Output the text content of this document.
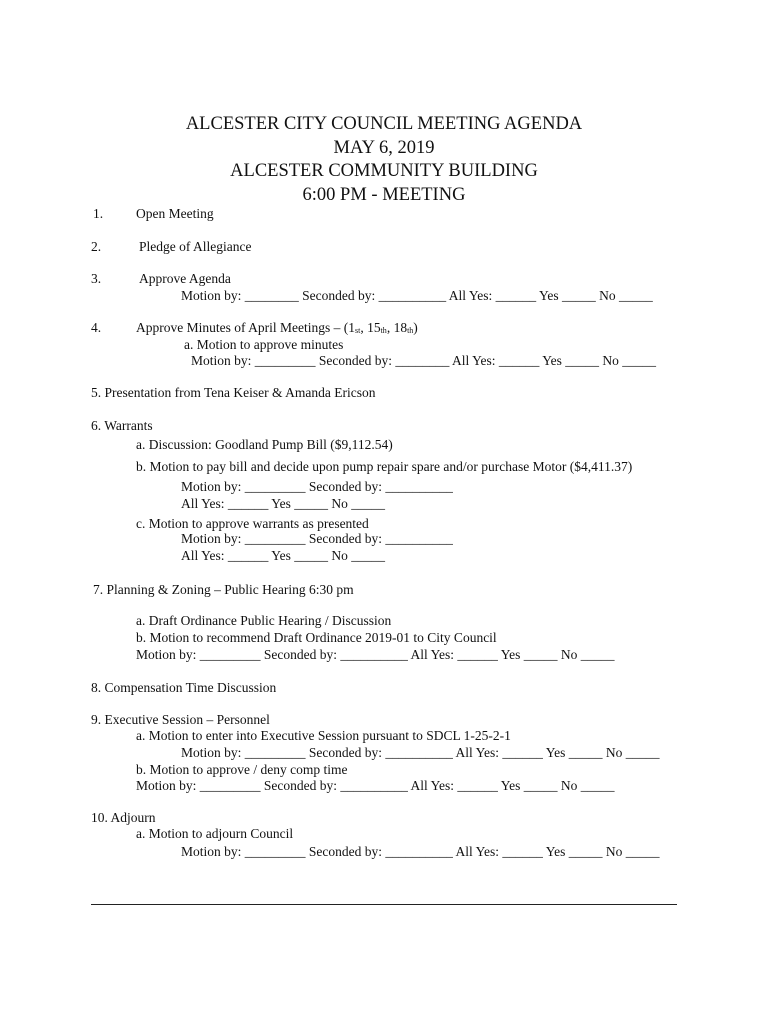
ALCESTER CITY COUNCIL MEETING AGENDA
MAY 6, 2019
ALCESTER COMMUNITY BUILDING
6:00 PM - MEETING
1. Open Meeting
2.	Pledge of Allegiance
3.	Approve Agenda
Motion by: ________ Seconded by: __________ All Yes: ______ Yes _____ No _____
4.	Approve Minutes of April Meetings – ($1_{st}$, $15_{th}$, $18_{th}$)
a. Motion to approve minutes
Motion by: _________ Seconded by: ________ All Yes: ______ Yes _____ No _____
5. Presentation from Tena Keiser & Amanda Ericson
6. Warrants
a. Discussion: Goodland Pump Bill ($9,112.54)
b. Motion to pay bill and decide upon pump repair spare and/or purchase Motor ($4,411.37)
Motion by: _________ Seconded by: __________
All Yes: ______ Yes _____ No _____
c. Motion to approve warrants as presented
Motion by: _________ Seconded by: __________
All Yes: ______ Yes _____ No _____
7. Planning & Zoning – Public Hearing 6:30 pm
a. Draft Ordinance Public Hearing / Discussion
b. Motion to recommend Draft Ordinance 2019-01 to City Council
Motion by: _________ Seconded by: __________ All Yes: ______ Yes _____ No _____
8. Compensation Time Discussion
9. Executive Session – Personnel
a. Motion to enter into Executive Session pursuant to SDCL 1-25-2-1
Motion by: _________ Seconded by: __________ All Yes: ______ Yes _____ No _____
b. Motion to approve / deny comp time
Motion by: _________ Seconded by: __________ All Yes: ______ Yes _____ No _____
10. Adjourn
a. Motion to adjourn Council
Motion by: _________ Seconded by: __________ All Yes: ______ Yes _____ No _____
